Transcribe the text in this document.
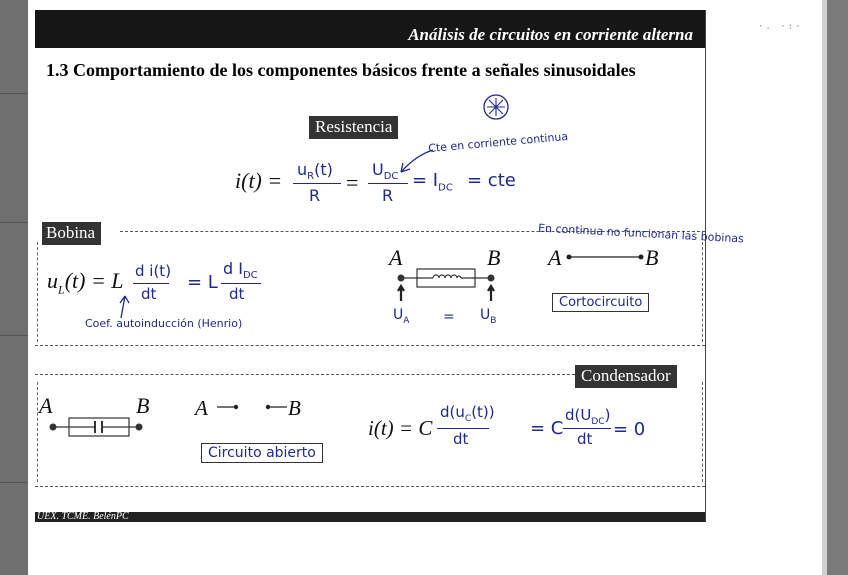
·. ·:·
Análisis de circuitos en corriente alterna
1.3 Comportamiento de los componentes básicos frente a señales sinusoidales
Resistencia
Cte en corriente continua
$i(t) = u_R(t)$
R
=
$U_{DC}$
R
= $I_{DC}$ = cte
Bobina
$u_L(t) = L$ d i(t)
dt
= L
d $I_{DC}$
dt
Coef. autoinducción (Henrio)
A	B
$U_A = U_B$
En continua no funcionan las bobinas
A	B
Cortocircuito
Condensador
A	B A	B
Circuito abierto
i(t) = C
$d(u_C(t))$
dt	= C
$d(U_{DC})$
dt = 0
UEX. TCME. BelénPC
